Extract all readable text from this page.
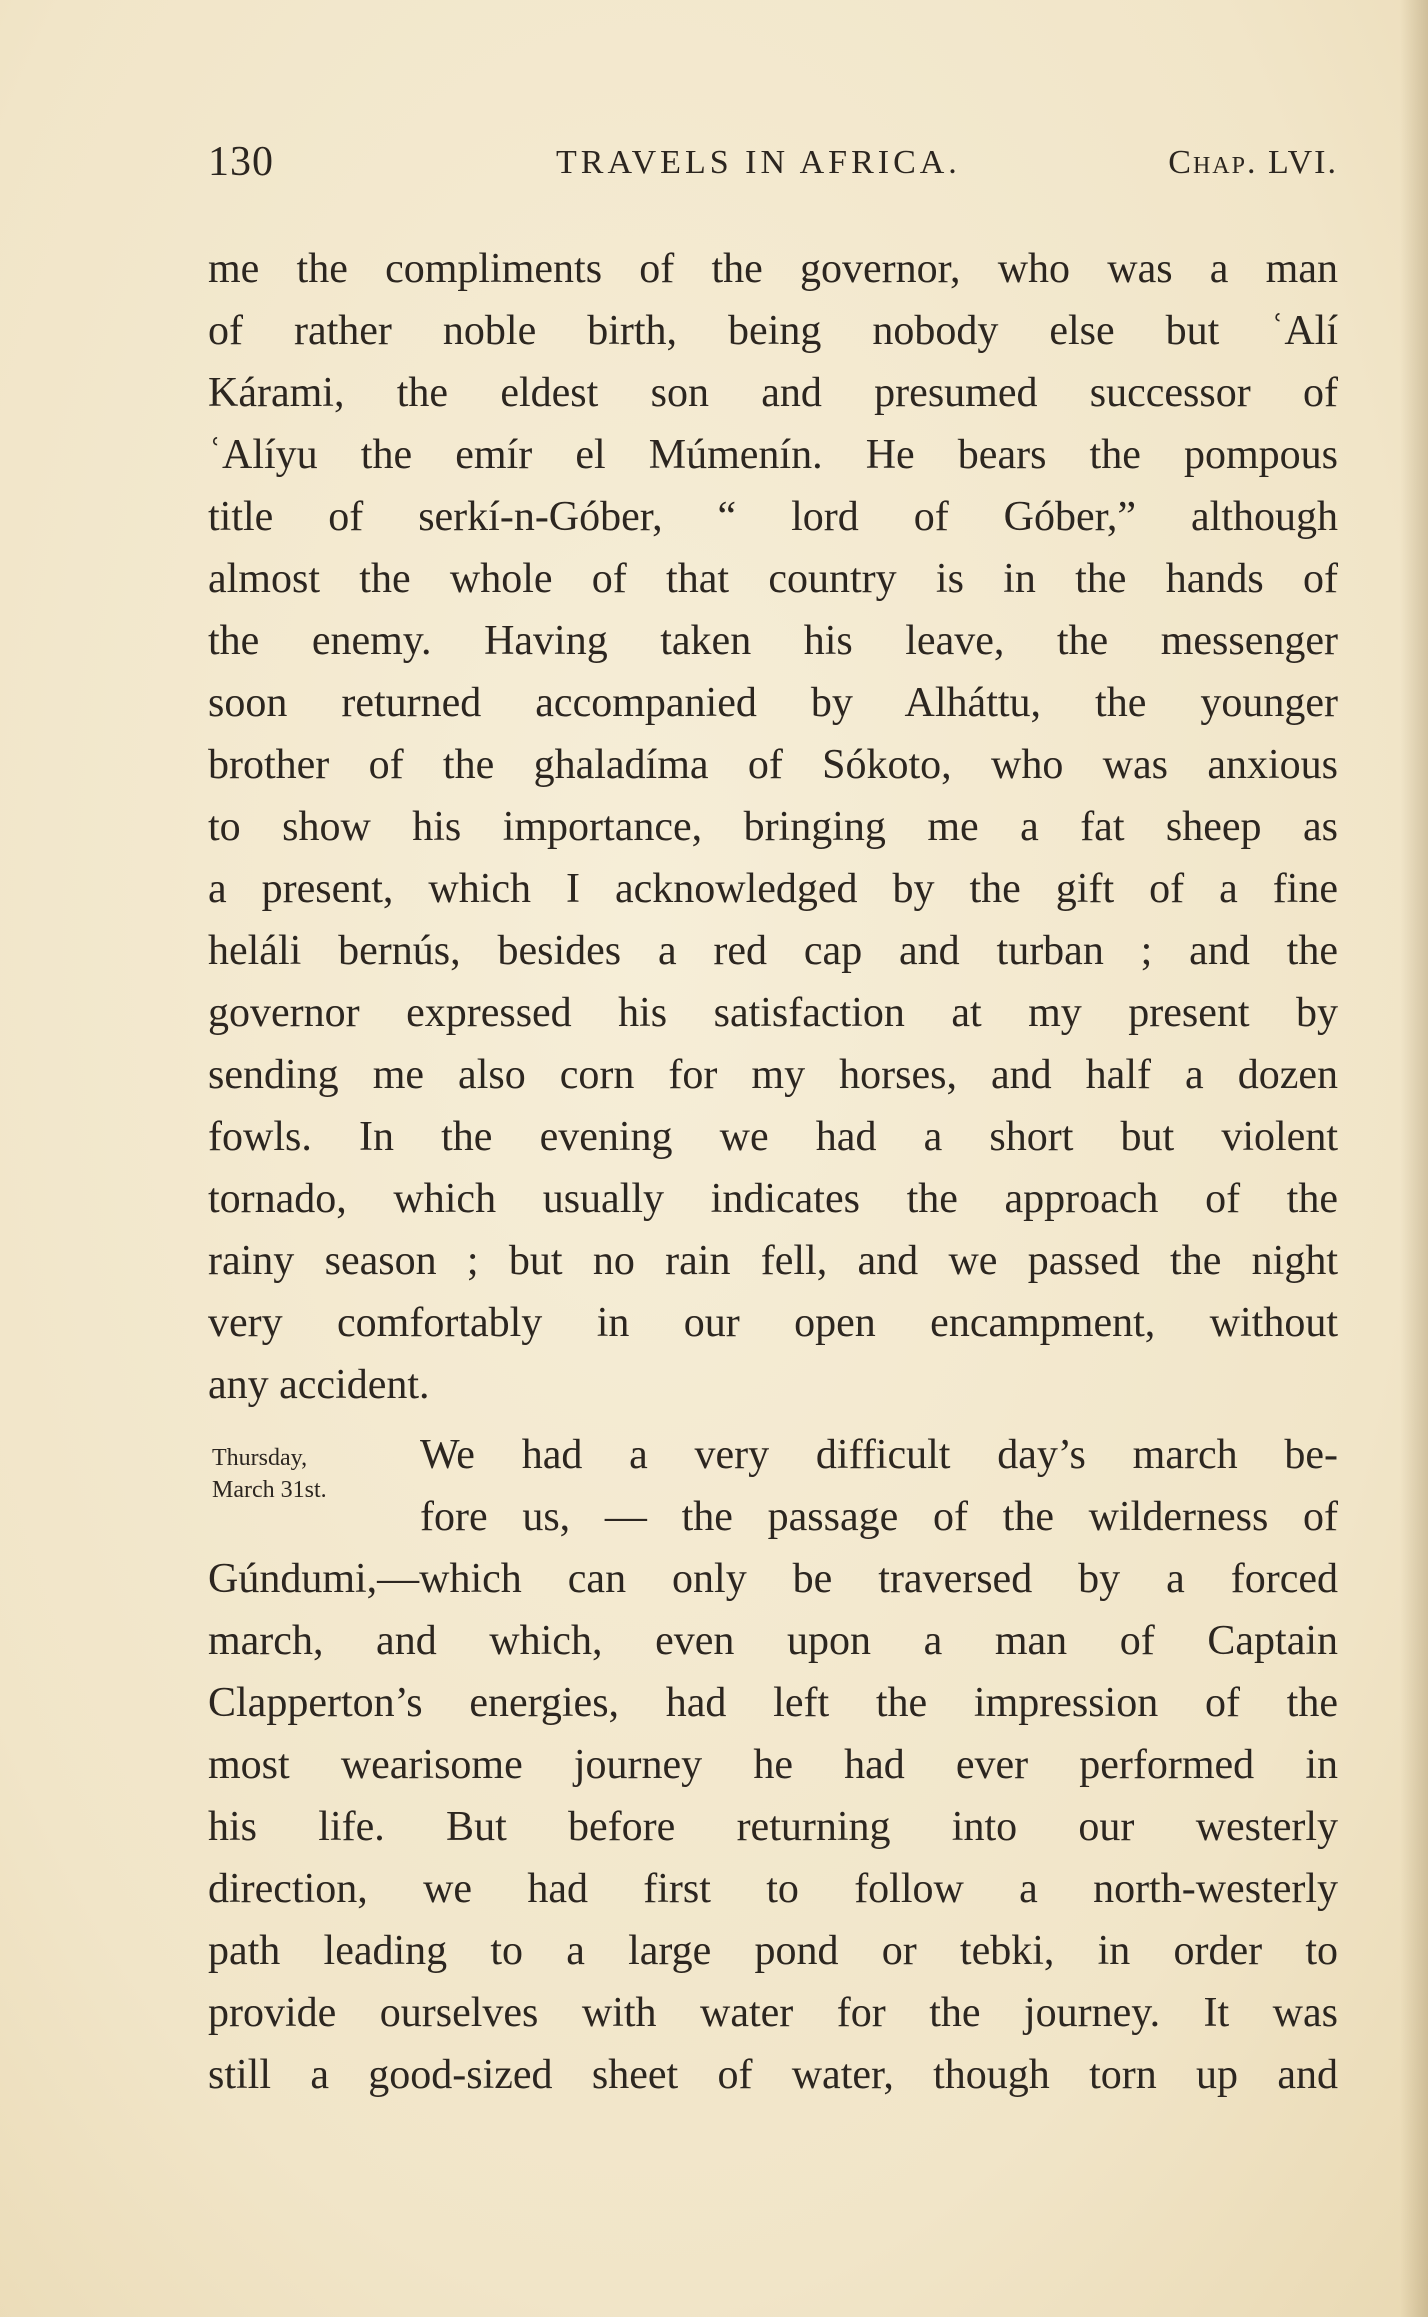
130	TRAVELS IN AFRICA.	Chap. LVI.
me the compliments of the governor, who was a man
of rather noble birth, being nobody else but ʿAlí
Kárami, the eldest son and presumed successor of
ʿAlíyu the emír el Múmenín. He bears the pompous
title of serkí-n-Góber, “ lord of Góber,” although
almost the whole of that country is in the hands of
the enemy. Having taken his leave, the messenger
soon returned accompanied by Alháttu, the younger
brother of the ghaladíma of Sókoto, who was anxious
to show his importance, bringing me a fat sheep as
a present, which I acknowledged by the gift of a fine
heláli bernús, besides a red cap and turban ; and the
governor expressed his satisfaction at my present by
sending me also corn for my horses, and half a dozen
fowls. In the evening we had a short but violent
tornado, which usually indicates the approach of the
rainy season ; but no rain fell, and we passed the night
very comfortably in our open encampment, without
any accident.
Thursday,
March 31st.
We had a very difficult day’s march be-
fore us, — the passage of the wilderness of
Gúndumi,—which can only be traversed by a forced
march, and which, even upon a man of Captain
Clapperton’s energies, had left the impression of the
most wearisome journey he had ever performed in
his life. But before returning into our westerly
direction, we had first to follow a north-westerly
path leading to a large pond or tebki, in order to
provide ourselves with water for the journey. It was
still a good-sized sheet of water, though torn up and
